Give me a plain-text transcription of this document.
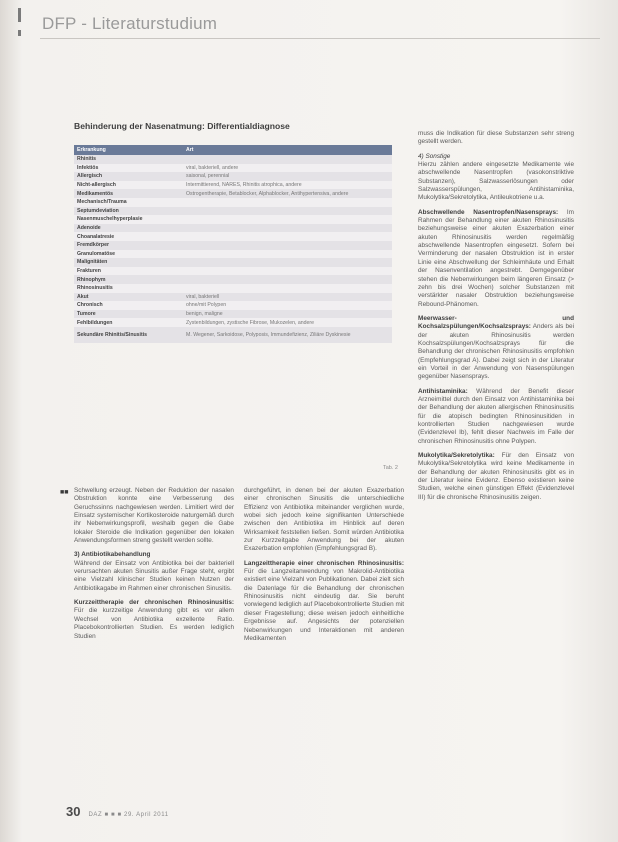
DFP - Literaturstudium
Behinderung der Nasenatmung: Differentialdiagnose
Erkrankung	Art
Rhinitis
Infektiös	viral, bakteriell, andere
Allergisch	saisonal, perennial
Nicht-allergisch	Intermittierend, NARES, Rhinitis atrophica, andere
Medikamentös	Östrogentherapie, Betablocker, Alphablocker, Antihypertensiva, andere
Mechanisch/Trauma
Septumdeviation
Nasenmuschelhyperplasie
Adenoide
Choanalatresie
Fremdkörper
Granulomatöse
Malignitäten
Frakturen
Rhinophym
Rhinosinusitis
Akut	viral, bakteriell
Chronisch	ohne/mit Polypen
Tumore	benign, maligne
Fehlbildungen	Zystenbildungen, zystische Fibrose, Mukozelen, andere
Sekundäre Rhinitis/Sinusitis	M. Wegener, Sarkoidose, Polyposis, Immundefizienz, Ziliäre Dyskinesie
Tab. 2
■■ Schwellung erzeugt. Neben der Reduktion der nasalen Obstruktion konnte eine Verbesserung des Geruchssinns nachgewiesen werden. Limitiert wird der Einsatz systemischer Kortikosteroide naturgemäß durch ihr Nebenwirkungsprofil, weshalb gegen die Gabe lokaler Steroide die Indikation gegenüber den lokalen Anwendungsformen streng gestellt werden sollte.

3) Antibiotikabehandlung
Während der Einsatz von Antibiotika bei der bakteriell verursachten akuten Sinusitis außer Frage steht, ergibt eine Vielzahl klinischer Studien keinen Nutzen der Antibiotikagabe im Rahmen einer chronischen Sinusitis.

Kurzzeittherapie der chronischen Rhinosinusitis: Für die kurzzeitige Anwendung gibt es vor allem Wechsel von Antibiotika exzellente Ratio. Placebokontrollierten Studien. Es werden lediglich Studien

durchgeführt, in denen bei der akuten Exazerbation einer chronischen Sinusitis die unterschiedliche Effizienz von Antibiotika miteinander verglichen wurde, wobei sich jedoch keine signifikanten Unterschiede zwischen den Antibiotika im Hinblick auf deren Wirksamkeit feststellen ließen. Somit würden Antibiotika zur Kurzzeitgabe Anwendung bei der akuten Exazerbation empfohlen (Empfehlungsgrad B).

Langzeittherapie einer chronischen Rhinosinusitis: Für die Langzeitanwendung von Makrolid-Antibiotika existiert eine Vielzahl von Publikationen. Dabei zielt sich die Datenlage für die Behandlung der chronischen Rhinosinusitis nicht eindeutig dar. Sie beruht vorwiegend lediglich auf Placebokontrollierte Studien mit dieser Fragestellung; diese weisen jedoch einheitliche Ergebnisse auf. Angesichts der potenziellen Nebenwirkungen und Interaktionen mit anderen Medikamenten

muss die Indikation für diese Substanzen sehr streng gestellt werden.

4) Sonstige
Hierzu zählen andere eingesetzte Medikamente wie abschwellende Nasentropfen (vasokonstriktive Substanzen), Salzwasserlösungen oder Salzwasserspülungen, Antihistaminika, Mukolytika/Sekretolytika, Antileukotriene u.a.

Abschwellende Nasentropfen/Nasensprays: Im Rahmen der Behandlung einer akuten Rhinosinusitis beziehungsweise einer akuten Exazerbation einer akuten Rhinosinusitis werden regelmäßig abschwellende Nasentropfen eingesetzt. Sofern bei Verminderung der nasalen Obstruktion ist in erster Linie eine Abschwellung der Schleimhäute und Erhalt der Nasenventilation angestrebt. Demgegenüber stehen die Nebenwirkungen beim längeren Einsatz (> zehn bis drei Wochen) solcher Substanzen mit verstärkter nasaler Obstruktion beziehungsweise Rebound-Phänomen.

Meerwasser- und Kochsalzspülungen/Kochsalzsprays: Anders als bei der akuten Rhinosinusitis werden Kochsalzspülungen/Kochsalzsprays für die Behandlung der chronischen Rhinosinusitis empfohlen (Empfehlungsgrad A). Dabei zeigt sich in der Literatur ein Vorteil in der Anwendung von Nasenspülungen gegenüber Nasensprays.

Antihistaminika: Während der Benefit dieser Arzneimittel durch den Einsatz von Antihistaminika bei der Behandlung der akuten allergischen Rhinosinusitis für die atopisch bedingten Rhinosinusitiden in kontrollierten Studien nachgewiesen wurde (Evidenzlevel Ib), fehlt dieser Nachweis im Falle der chronischen Rhinosinusitis ohne Polypen.

Mukolytika/Sekretolytika: Für den Einsatz von Mukolytika/Sekretolytika wird keine Medikamente in der Behandlung der akuten Rhinosinusitis gibt es in der Literatur keine Evidenz. Ebenso existieren keine Studien, welche einen günstigen Effekt (Evidenzlevel III) für die chronische Rhinosinusitis zeigen.

30 DAZ ■ ■ ■ 29. April 2011
